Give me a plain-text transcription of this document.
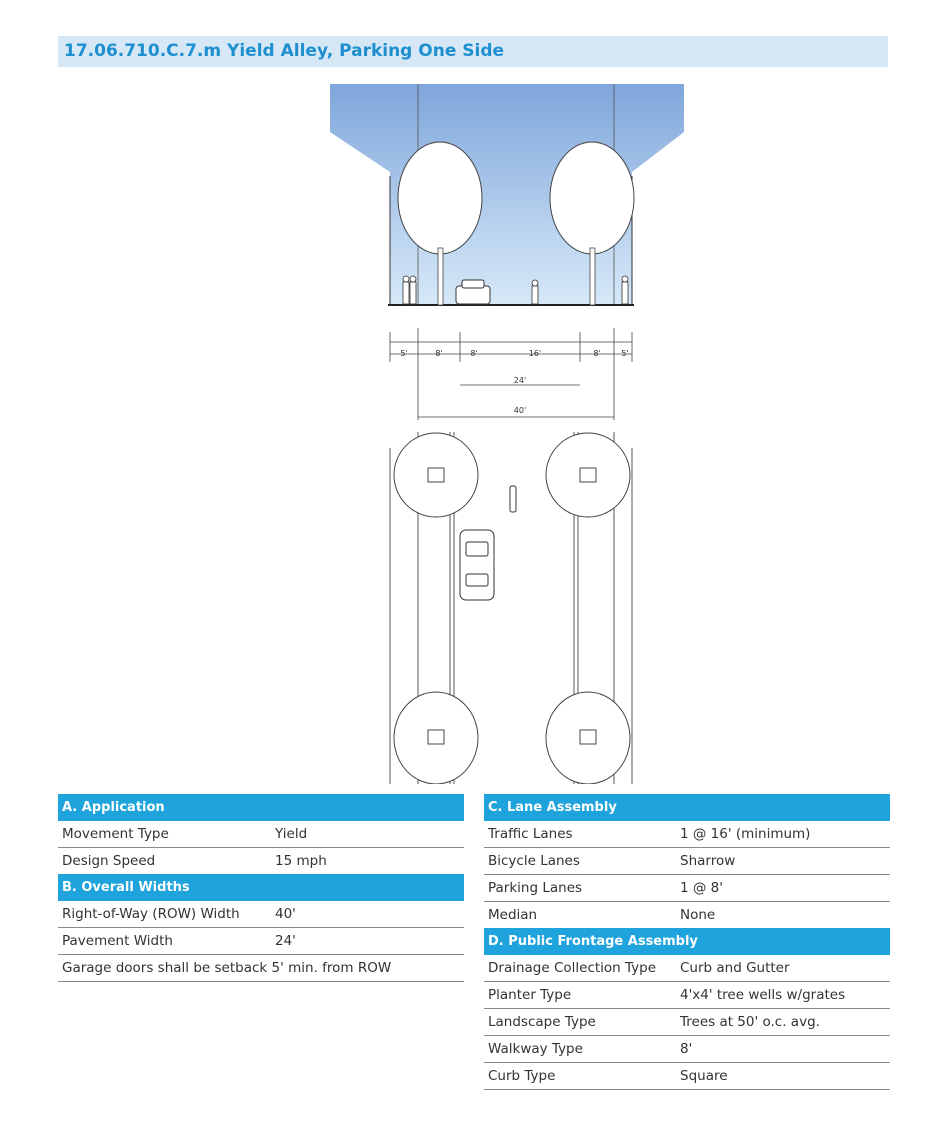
17.06.710.C.7.m Yield Alley, Parking One Side
5'	8'	8'	16'	8'	5'
24'
40'
A. Application
Movement Type	Yield
Design Speed	15 mph
B. Overall Widths
Right-of-Way (ROW) Width	40'
Pavement Width	24'
Garage doors shall be setback 5' min. from ROW
C. Lane Assembly
Traffic Lanes	1 @ 16' (minimum)
Bicycle Lanes	Sharrow
Parking Lanes	1 @ 8'
Median	None
D. Public Frontage Assembly
Drainage Collection Type Curb and Gutter
Planter Type	4'x4' tree wells w/grates
Landscape Type	Trees at 50' o.c. avg.
Walkway Type	8'
Curb Type	Square
